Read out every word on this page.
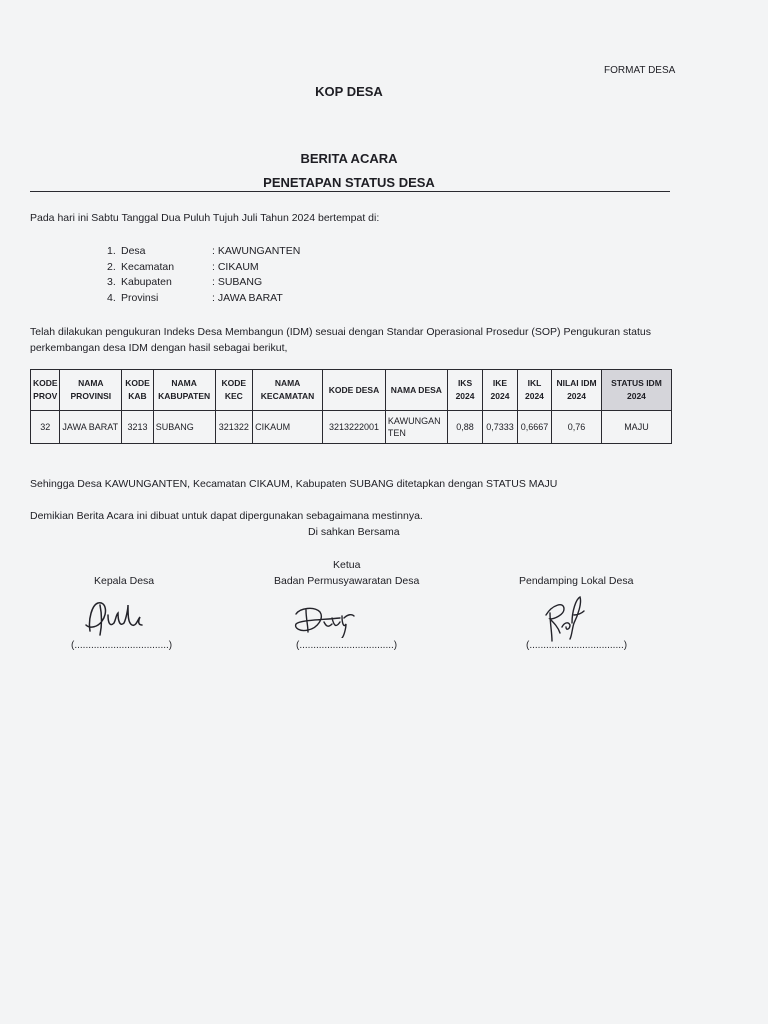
FORMAT DESA
KOP DESA
BERITA ACARA
PENETAPAN STATUS DESA
Pada hari ini Sabtu Tanggal Dua Puluh Tujuh Juli Tahun 2024 bertempat di:
1. Desa	: KAWUNGANTEN
2. Kecamatan	: CIKAUM
3. Kabupaten	: SUBANG
4. Provinsi	: JAWA BARAT
Telah dilakukan pengukuran Indeks Desa Membangun (IDM) sesuai dengan Standar Operasional Prosedur (SOP) Pengukuran status perkembangan desa IDM dengan hasil sebagai berikut,
KODE PROV	NAMA PROVINSI	KODE KAB	NAMA KABUPATEN	KODE KEC	NAMA KECAMATAN	KODE DESA	NAMA DESA	IKS 2024	IKE 2024	IKL 2024	NILAI IDM 2024	STATUS IDM 2024
32	JAWA BARAT	3213	SUBANG	321322	CIKAUM	3213222001	KAWUNGANTEN	0,88	0,7333	0,6667	0,76	MAJU
Sehingga Desa KAWUNGANTEN, Kecamatan CIKAUM, Kabupaten SUBANG ditetapkan dengan STATUS MAJU
Demikian Berita Acara ini dibuat untuk dapat dipergunakan sebagaimana mestinnya.
Di sahkan Bersama
Ketua
Kepala Desa	Badan Permusyawaratan Desa	Pendamping Lokal Desa
(..................................)	(..................................)	(..................................)
